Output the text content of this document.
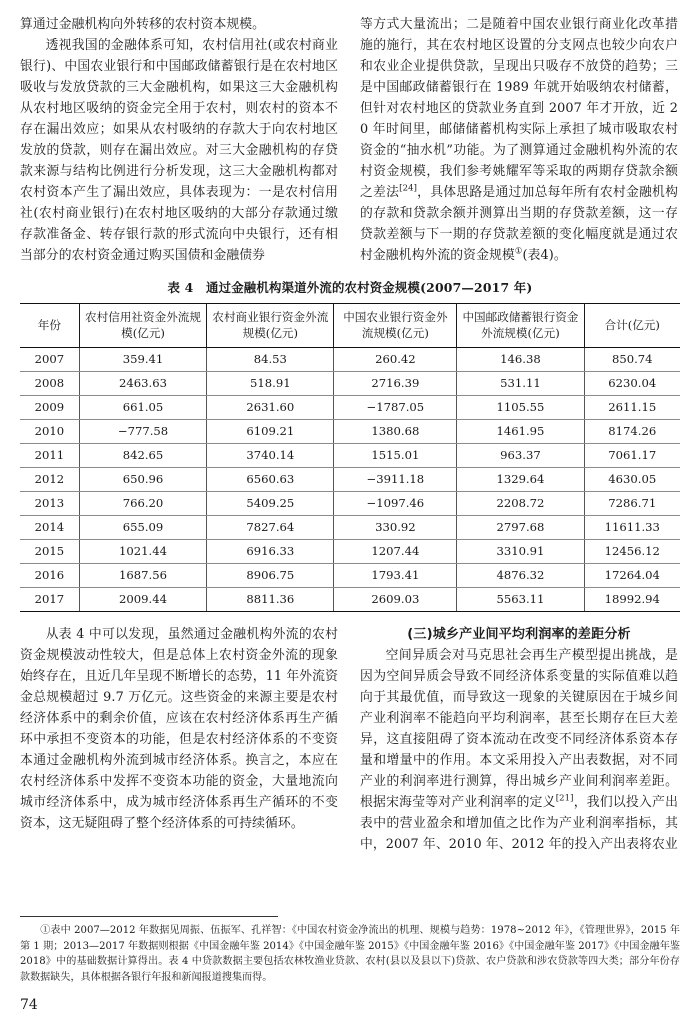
算通过金融机构向外转移的农村资本规模。

透视我国的金融体系可知，农村信用社(或农村商业银行)、中国农业银行和中国邮政储蓄银行是在农村地区吸收与发放贷款的三大金融机构，如果这三大金融机构从农村地区吸纳的资金完全用于农村，则农村的资本不存在漏出效应；如果从农村吸纳的存款大于向农村地区发放的贷款，则存在漏出效应。对三大金融机构的存贷款来源与结构比例进行分析发现，这三大金融机构都对农村资本产生了漏出效应，具体表现为：一是农村信用社(农村商业银行)在农村地区吸纳的大部分存款通过缴存款准备金、转存银行款的形式流向中央银行，还有相当部分的农村资金通过购买国债和金融债券

等方式大量流出；二是随着中国农业银行商业化改革措施的施行，其在农村地区设置的分支网点也较少向农户和农业企业提供贷款，呈现出只吸存不放贷的趋势；三是中国邮政储蓄银行在 1989 年就开始吸纳农村储蓄，但针对农村地区的贷款业务直到 2007 年才开放，近 20 年时间里，邮储储蓄机构实际上承担了城市吸取农村资金的“抽水机”功能。为了测算通过金融机构外流的农村资金规模，我们参考姚耀军等采取的两期存贷款余额之差法[24]，具体思路是通过加总每年所有农村金融机构的存款和贷款余额并测算出当期的存贷款差额，这一存贷款差额与下一期的存贷款差额的变化幅度就是通过农村金融机构外流的资金规模①(表4)。

表 4　通过金融机构渠道外流的农村资金规模(2007—2017 年)
年份	农村信用社资金外流规模(亿元)	农村商业银行资金外流规模(亿元)	中国农业银行资金外流规模(亿元)	中国邮政储蓄银行资金外流规模(亿元)	合计(亿元)
2007	359.41	84.53	260.42	146.38	850.74
2008	2463.63	518.91	2716.39	531.11	6230.04
2009	661.05	2631.60	−1787.05	1105.55	2611.15
2010	−777.58	6109.21	1380.68	1461.95	8174.26
2011	842.65	3740.14	1515.01	963.37	7061.17
2012	650.96	6560.63	−3911.18	1329.64	4630.05
2013	766.20	5409.25	−1097.46	2208.72	7286.71
2014	655.09	7827.64	330.92	2797.68	11611.33
2015	1021.44	6916.33	1207.44	3310.91	12456.12
2016	1687.56	8906.75	1793.41	4876.32	17264.04
2017	2009.44	8811.36	2609.03	5563.11	18992.94

从表 4 中可以发现，虽然通过金融机构外流的农村资金规模波动性较大，但是总体上农村资金外流的现象始终存在，且近几年呈现不断增长的态势，11 年外流资金总规模超过 9.7 万亿元。这些资金的来源主要是农村经济体系中的剩余价值，应该在农村经济体系再生产循环中承担不变资本的功能，但是农村经济体系的不变资本通过金融机构外流到城市经济体系。换言之，本应在农村经济体系中发挥不变资本功能的资金，大量地流向城市经济体系中，成为城市经济体系再生产循环的不变资本，这无疑阻碍了整个经济体系的可持续循环。

(三)城乡产业间平均利润率的差距分析

空间异质会对马克思社会再生产模型提出挑战，是因为空间异质会导致不同经济体系变量的实际值难以趋向于其最优值，而导致这一现象的关键原因在于城乡间产业利润率不能趋向平均利润率，甚至长期存在巨大差异，这直接阻碍了资本流动在改变不同经济体系资本存量和增量中的作用。本文采用投入产出表数据，对不同产业的利润率进行测算，得出城乡产业间利润率差距。根据宋海莹等对产业利润率的定义[21]，我们以投入产出表中的营业盈余和增加值之比作为产业利润率指标，其中，2007 年、2010 年、2012 年的投入产出表将农业

①表中 2007—2012 年数据见周振、伍振军、孔祥智：《中国农村资金净流出的机理、规模与趋势：1978~2012 年》，《管理世界》，2015 年第 1 期；2013—2017 年数据则根据《中国金融年鉴 2014》《中国金融年鉴 2015》《中国金融年鉴 2016》《中国金融年鉴 2017》《中国金融年鉴 2018》中的基础数据计算得出。表 4 中贷款数据主要包括农林牧渔业贷款、农村(县以及县以下)贷款、农户贷款和涉农贷款等四大类；部分年份存款数据缺失，具体根据各银行年报和新闻报道搜集而得。

74
